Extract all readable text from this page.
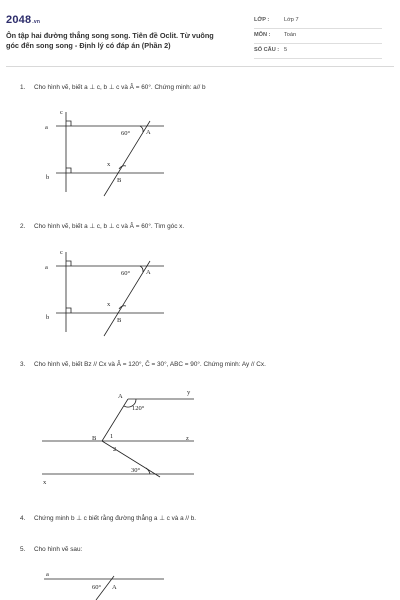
2048.vn
Ôn tập hai đường thẳng song song. Tiên đề Oclit. Từ vuông
góc đến song song - Định lý có đáp án (Phần 2)
LỚP :	Lớp 7
MÔN : Toán
SỐ CÂU : 5
1. Cho hình vẽ, biết a ⊥ c, b ⊥ c và Â = 60°. Chứng minh: a// b
2. Cho hình vẽ, biết a ⊥ c, b ⊥ c và Â = 60°. Tìm góc x.
3. Cho hình vẽ, biết Bz // Cx và Â = 120°, Ĉ = 30°, ABC = 90°. Chứng minh: Ay // Cx.
4. Chứng minh b ⊥ c biết rằng đường thẳng a ⊥ c và a // b.
5. Cho hình vẽ sau:
c
a
b
60° A
x
B
c
a
b
60° A
x
B
A
y
120°
B 1
2
z
30°
x
a
60° A
